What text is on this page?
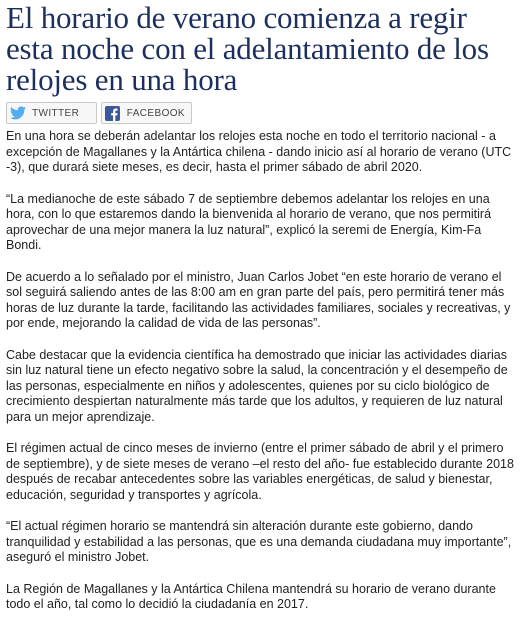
El horario de verano comienza a regir esta noche con el adelantamiento de los relojes en una hora
TWITTER	FACEBOOK

En una hora se deberán adelantar los relojes esta noche en todo el territorio nacional - a excepción de Magallanes y la Antártica chilena - dando inicio así al horario de verano (UTC -3), que durará siete meses, es decir, hasta el primer sábado de abril 2020.

“La medianoche de este sábado 7 de septiembre debemos adelantar los relojes en una hora, con lo que estaremos dando la bienvenida al horario de verano, que nos permitirá aprovechar de una mejor manera la luz natural”, explicó la seremi de Energía, Kim-Fa Bondi.

De acuerdo a lo señalado por el ministro, Juan Carlos Jobet “en este horario de verano el sol seguirá saliendo antes de las 8:00 am en gran parte del país, pero permitirá tener más horas de luz durante la tarde, facilitando las actividades familiares, sociales y recreativas, y por ende, mejorando la calidad de vida de las personas”.

Cabe destacar que la evidencia científica ha demostrado que iniciar las actividades diarias sin luz natural tiene un efecto negativo sobre la salud, la concentración y el desempeño de las personas, especialmente en niños y adolescentes, quienes por su ciclo biológico de crecimiento despiertan naturalmente más tarde que los adultos, y requieren de luz natural para un mejor aprendizaje.

El régimen actual de cinco meses de invierno (entre el primer sábado de abril y el primero de septiembre), y de siete meses de verano –el resto del año- fue establecido durante 2018 después de recabar antecedentes sobre las variables energéticas, de salud y bienestar, educación, seguridad y transportes y agrícola.

“El actual régimen horario se mantendrá sin alteración durante este gobierno, dando tranquilidad y estabilidad a las personas, que es una demanda ciudadana muy importante”, aseguró el ministro Jobet.

La Región de Magallanes y la Antártica Chilena mantendrá su horario de verano durante todo el año, tal como lo decidió la ciudadanía en 2017.
